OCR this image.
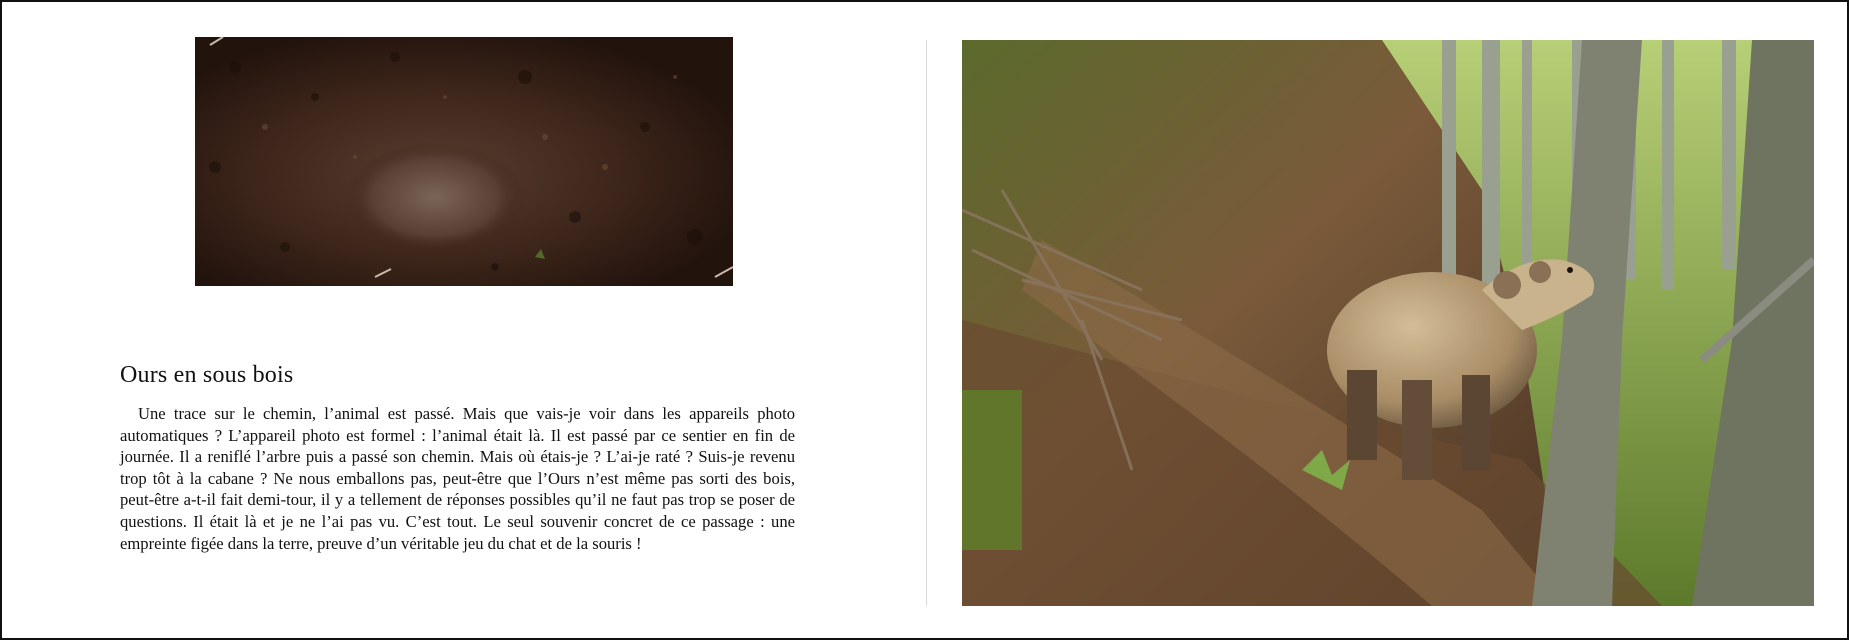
Ours en sous bois

Une trace sur le chemin, l’animal est passé. Mais que vais-je voir dans les appareils photo automatiques ? L’appareil photo est formel : l’animal était là. Il est passé par ce sentier en fin de journée. Il a reniflé l’arbre puis a passé son chemin. Mais où étais-je ? L’ai-je raté ? Suis-je revenu trop tôt à la cabane ? Ne nous emballons pas, peut-être que l’Ours n’est même pas sorti des bois, peut-être a-t-il fait demi-tour, il y a tellement de réponses possibles qu’il ne faut pas trop se poser de questions. Il était là et je ne l’ai pas vu. C’est tout. Le seul souvenir concret de ce passage : une empreinte figée dans la terre, preuve d’un véritable jeu du chat et de la souris !
